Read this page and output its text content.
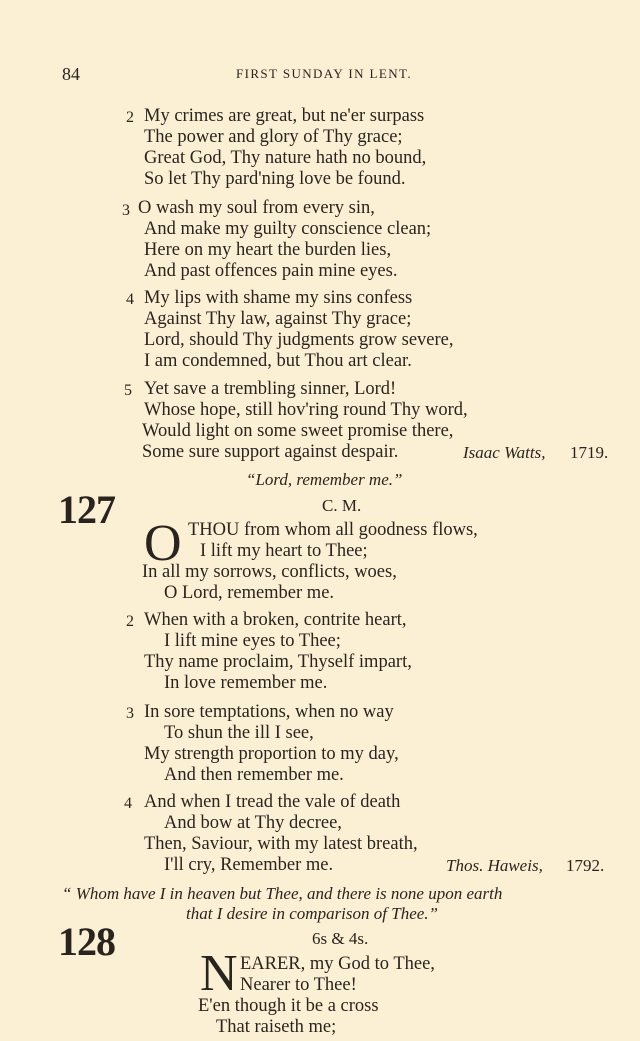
84	FIRST SUNDAY IN LENT.
2 My crimes are great, but ne'er surpass
The power and glory of Thy grace;
Great God, Thy nature hath no bound,
So let Thy pard'ning love be found.
3 O wash my soul from every sin,
And make my guilty conscience clean;
Here on my heart the burden lies,
And past offences pain mine eyes.
4 My lips with shame my sins confess
Against Thy law, against Thy grace;
Lord, should Thy judgments grow severe,
I am condemned, but Thou art clear.
5 Yet save a trembling sinner, Lord!
Whose hope, still hov'ring round Thy word,
Would light on some sweet promise there,
Some sure support against despair.	Isaac Watts, 1719.
“Lord, remember me.”
127	C. M.
O THOU from whom all goodness flows,
I lift my heart to Thee;
In all my sorrows, conflicts, woes,
O Lord, remember me.
2 When with a broken, contrite heart,
I lift mine eyes to Thee;
Thy name proclaim, Thyself impart,
In love remember me.
3 In sore temptations, when no way
To shun the ill I see,
My strength proportion to my day,
And then remember me.
4 And when I tread the vale of death
And bow at Thy decree,
Then, Saviour, with my latest breath,
I'll cry, Remember me.	Thos. Haweis, 1792.
“ Whom have I in heaven but Thee, and there is none upon earth
that I desire in comparison of Thee.”
128	6s & 4s.
N EARER, my God to Thee,
Nearer to Thee!
E'en though it be a cross
That raiseth me;
